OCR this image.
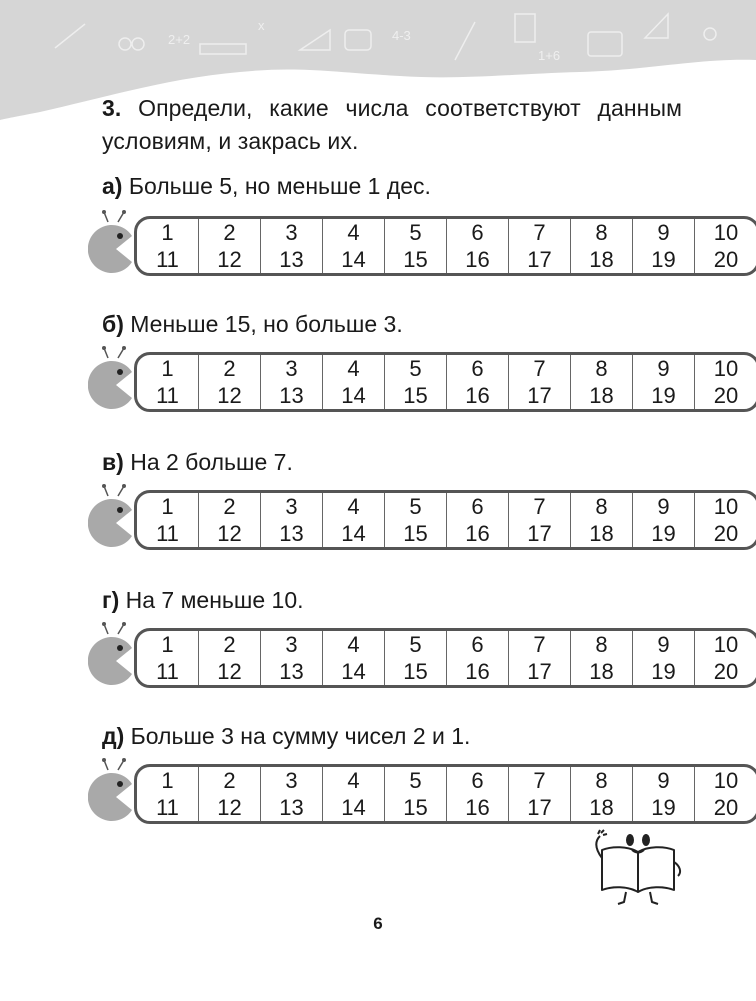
2+2
x
4-3
1+6
3. Определи, какие числа соответствуют данным условиям, и закрась их.
а) Больше 5, но меньше 1 дес.
1	2	3	4	5	6	7	8	9	10
11	12	13	14	15	16	17	18	19	20
б) Меньше 15, но больше 3.
1	2	3	4	5	6	7	8	9	10
11	12	13	14	15	16	17	18	19	20
в) На 2 больше 7.
1	2	3	4	5	6	7	8	9	10
11	12	13	14	15	16	17	18	19	20
г) На 7 меньше 10.
1	2	3	4	5	6	7	8	9	10
11	12	13	14	15	16	17	18	19	20
д) Больше 3 на сумму чисел 2 и 1.
1	2	3	4	5	6	7	8	9	10
11	12	13	14	15	16	17	18	19	20
6
